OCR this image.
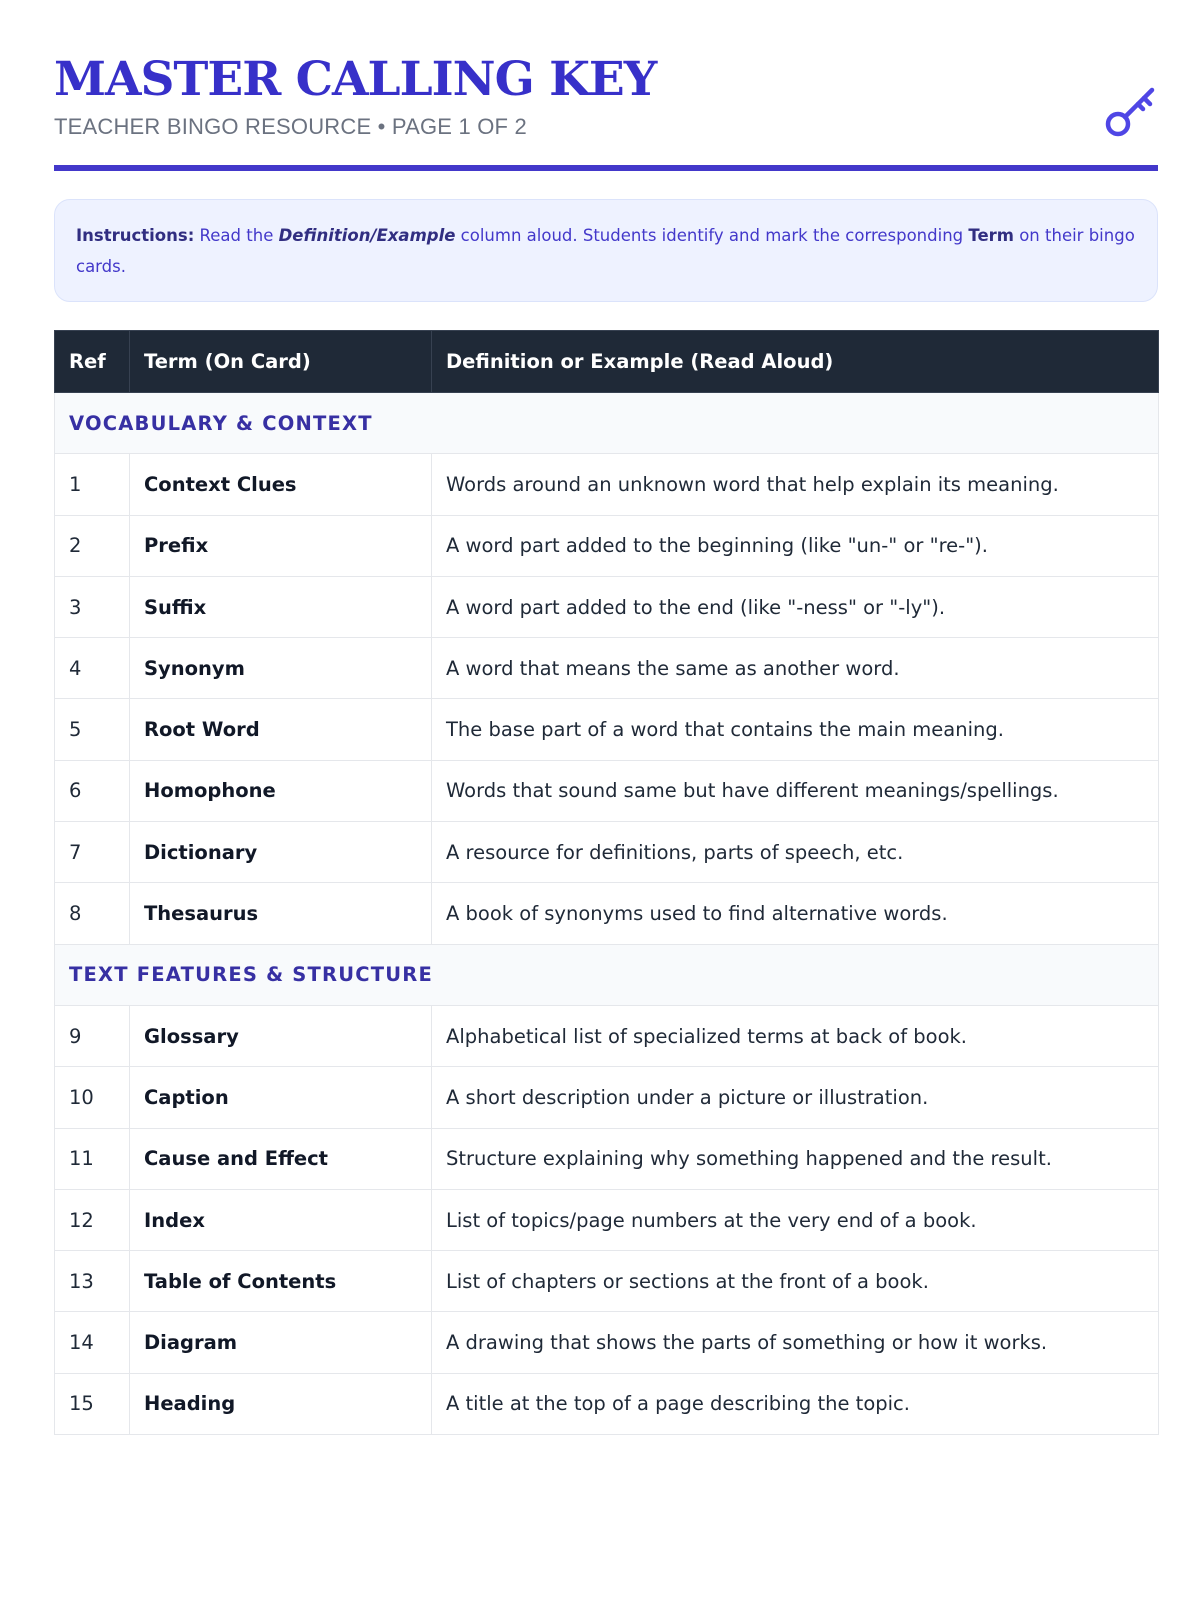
MASTER CALLING KEY
TEACHER BINGO RESOURCE • PAGE 1 OF 2
Instructions: Read the Definition/Example column aloud. Students identify and mark the corresponding Term on their bingo cards.
Ref	Term (On Card)	Definition or Example (Read Aloud)
VOCABULARY & CONTEXT		
1	Context Clues	Words around an unknown word that help explain its meaning.
2	Prefix	A word part added to the beginning (like "un-" or "re-").
3	Suffix	A word part added to the end (like "-ness" or "-ly").
4	Synonym	A word that means the same as another word.
5	Root Word	The base part of a word that contains the main meaning.
6	Homophone	Words that sound same but have different meanings/spellings.
7	Dictionary	A resource for definitions, parts of speech, etc.
8	Thesaurus	A book of synonyms used to find alternative words.
TEXT FEATURES & STRUCTURE		
9	Glossary	Alphabetical list of specialized terms at back of book.
10	Caption	A short description under a picture or illustration.
11	Cause and Effect	Structure explaining why something happened and the result.
12	Index	List of topics/page numbers at the very end of a book.
13	Table of Contents	List of chapters or sections at the front of a book.
14	Diagram	A drawing that shows the parts of something or how it works.
15	Heading	A title at the top of a page describing the topic.
